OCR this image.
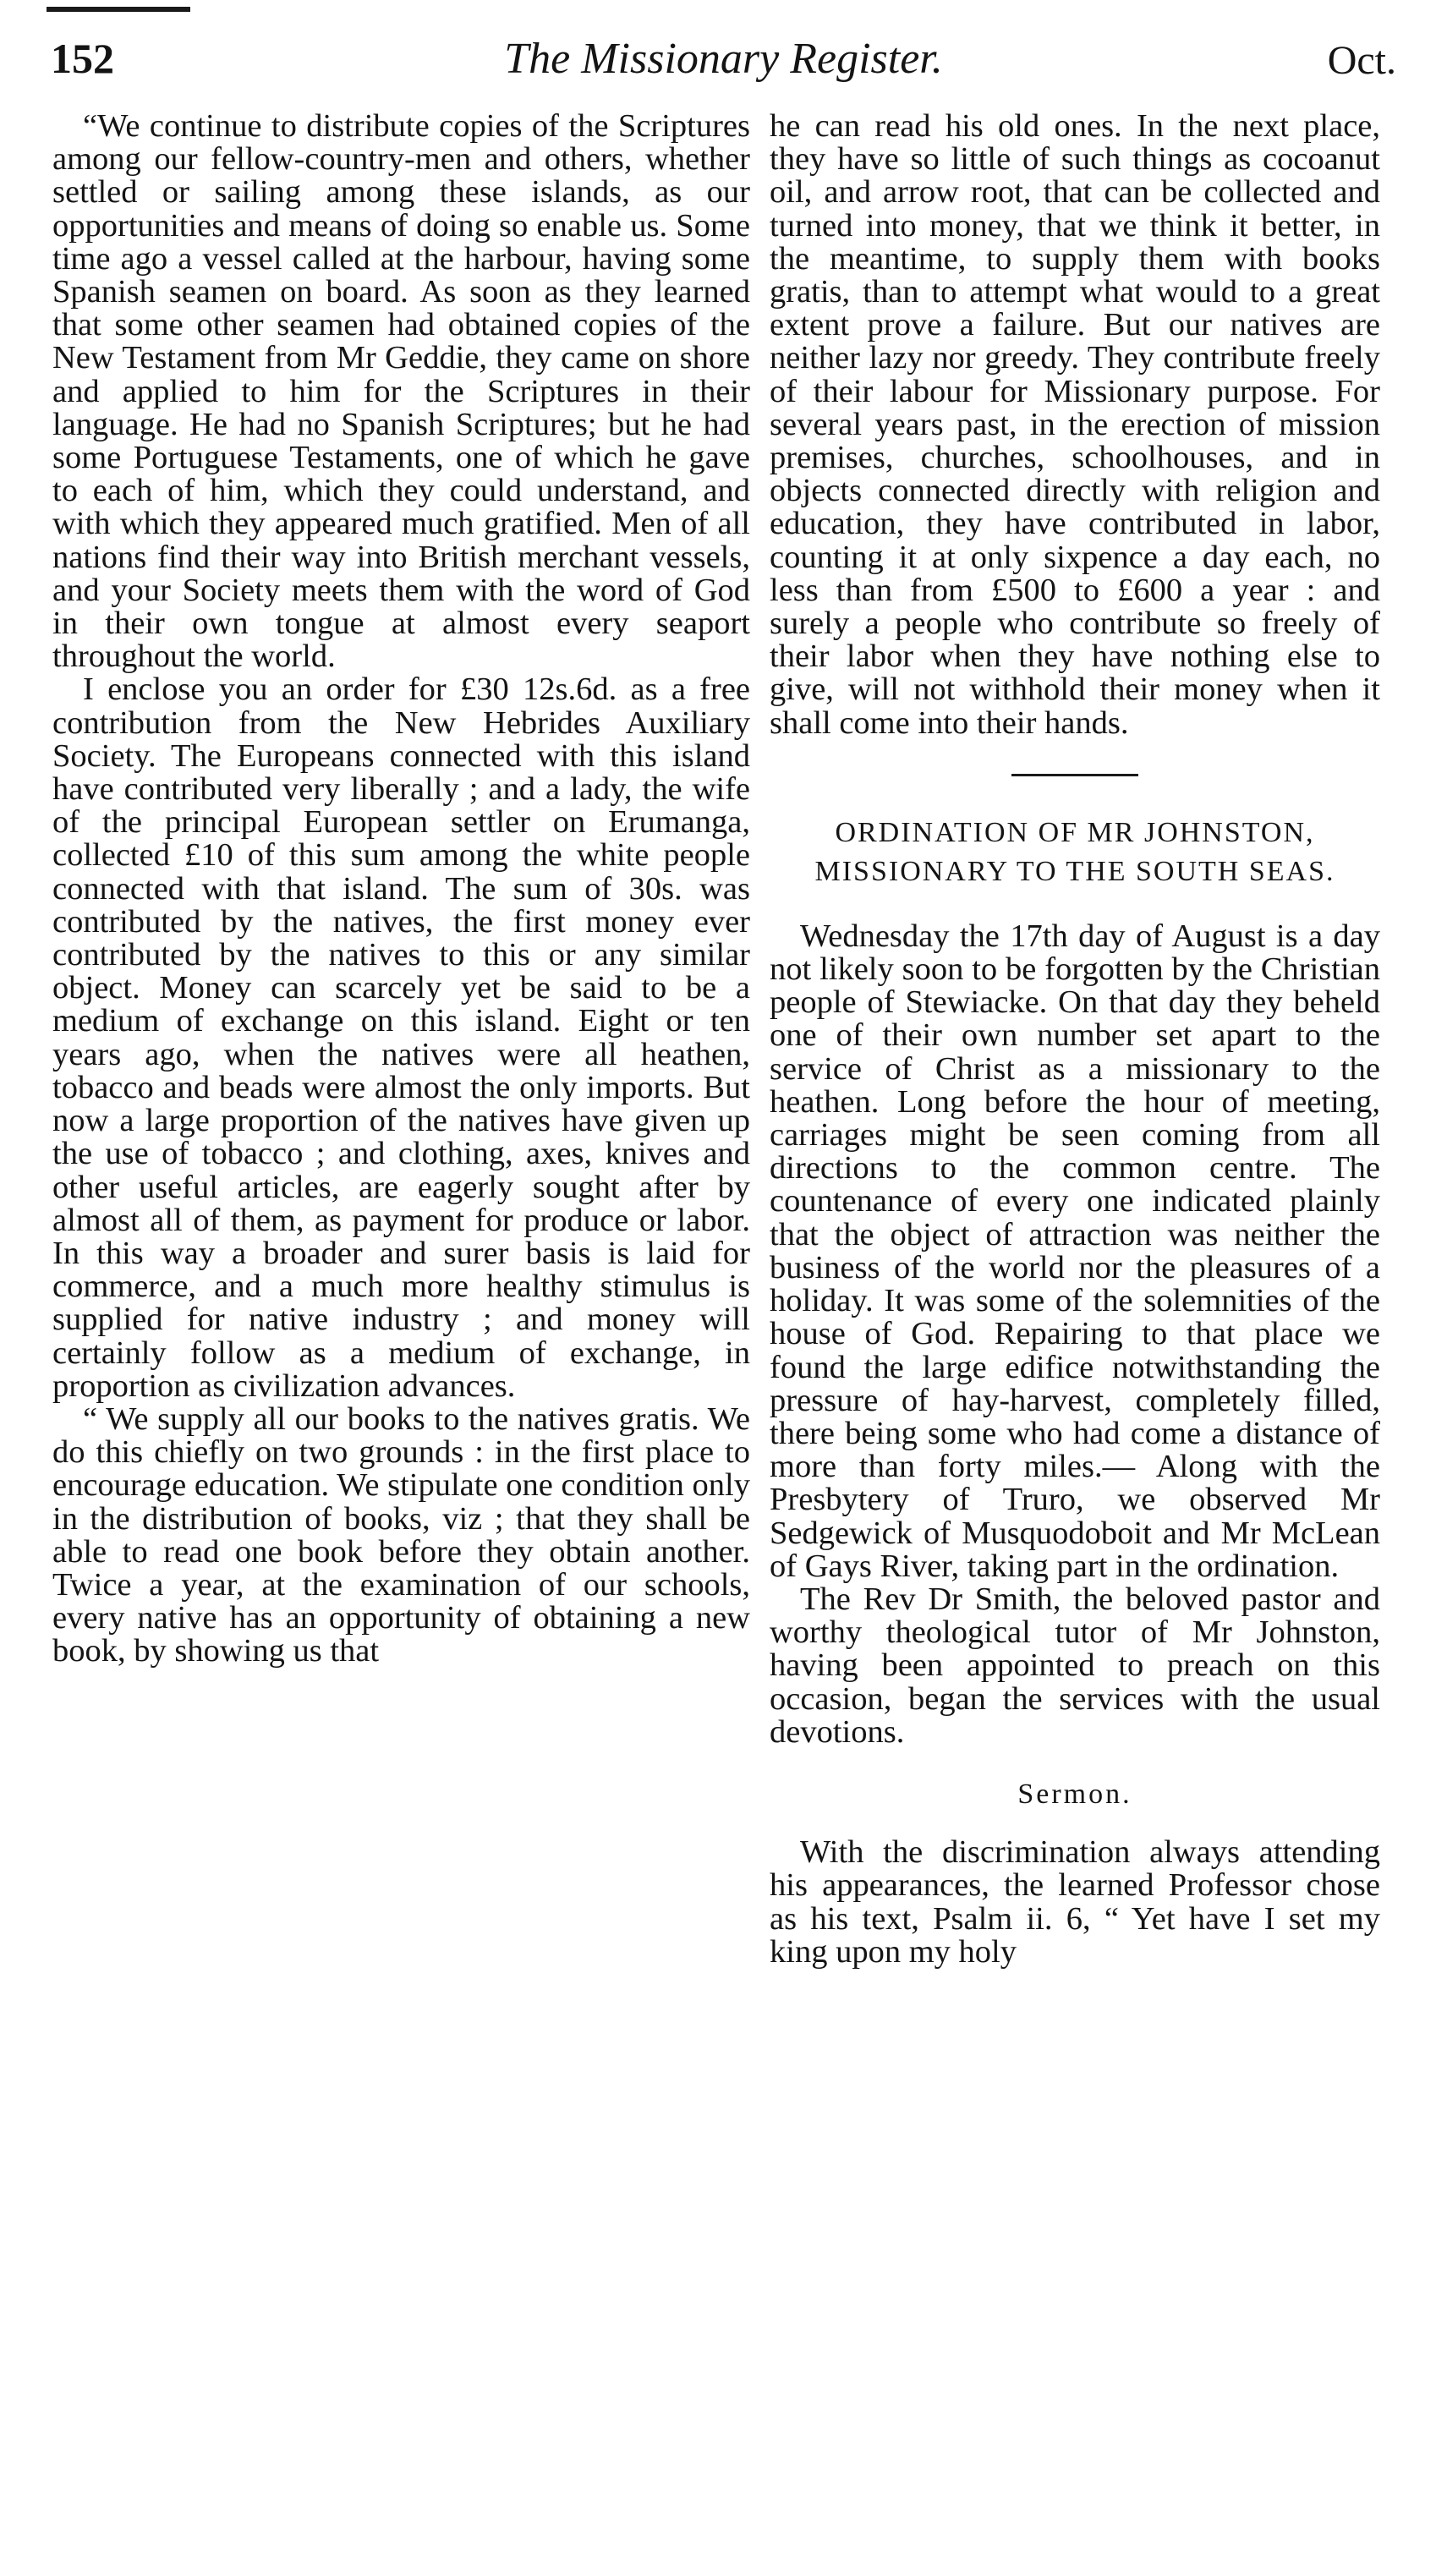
152	The Missionary Register.	Oct.

“We continue to distribute copies of the Scriptures among our fellow-country-men and others, whether settled or sailing among these islands, as our opportunities and means of doing so enable us. Some time ago a vessel called at the harbour, having some Spanish seamen on board. As soon as they learned that some other seamen had obtained copies of the New Testament from Mr Geddie, they came on shore and applied to him for the Scriptures in their language. He had no Spanish Scriptures; but he had some Portuguese Testaments, one of which he gave to each of him, which they could understand, and with which they appeared much gratified. Men of all nations find their way into British merchant vessels, and your Society meets them with the word of God in their own tongue at almost every seaport throughout the world.

I enclose you an order for £30 12s.6d. as a free contribution from the New Hebrides Auxiliary Society. The Europeans connected with this island have contributed very liberally ; and a lady, the wife of the principal European settler on Erumanga, collected £10 of this sum among the white people connected with that island. The sum of 30s. was contributed by the natives, the first money ever contributed by the natives to this or any similar object. Money can scarcely yet be said to be a medium of exchange on this island. Eight or ten years ago, when the natives were all heathen, tobacco and beads were almost the only imports. But now a large proportion of the natives have given up the use of tobacco ; and clothing, axes, knives and other useful articles, are eagerly sought after by almost all of them, as payment for produce or labor. In this way a broader and surer basis is laid for commerce, and a much more healthy stimulus is supplied for native industry ; and money will certainly follow as a medium of exchange, in proportion as civilization advances.

“ We supply all our books to the natives gratis. We do this chiefly on two grounds : in the first place to encourage education. We stipulate one condition only in the distribution of books, viz ; that they shall be able to read one book before they obtain another. Twice a year, at the examination of our schools, every native has an opportunity of obtaining a new book, by showing us that

he can read his old ones. In the next place, they have so little of such things as cocoanut oil, and arrow root, that can be collected and turned into money, that we think it better, in the meantime, to supply them with books gratis, than to attempt what would to a great extent prove a failure. But our natives are neither lazy nor greedy. They contribute freely of their labour for Missionary purpose. For several years past, in the erection of mission premises, churches, schoolhouses, and in objects connected directly with religion and education, they have contributed in labor, counting it at only sixpence a day each, no less than from £500 to £600 a year : and surely a people who contribute so freely of their labor when they have nothing else to give, will not withhold their money when it shall come into their hands.

ORDINATION OF MR JOHNSTON,
MISSIONARY TO THE SOUTH SEAS.

Wednesday the 17th day of August is a day not likely soon to be forgotten by the Christian people of Stewiacke. On that day they beheld one of their own number set apart to the service of Christ as a missionary to the heathen. Long before the hour of meeting, carriages might be seen coming from all directions to the common centre. The countenance of every one indicated plainly that the object of attraction was neither the business of the world nor the pleasures of a holiday. It was some of the solemnities of the house of God. Repairing to that place we found the large edifice notwithstanding the pressure of hay-harvest, completely filled, there being some who had come a distance of more than forty miles.— Along with the Presbytery of Truro, we observed Mr Sedgewick of Musquodoboit and Mr McLean of Gays River, taking part in the ordination.

The Rev Dr Smith, the beloved pastor and worthy theological tutor of Mr Johnston, having been appointed to preach on this occasion, began the services with the usual devotions.

Sermon.

With the discrimination always attending his appearances, the learned Professor chose as his text, Psalm ii. 6, “ Yet have I set my king upon my holy
